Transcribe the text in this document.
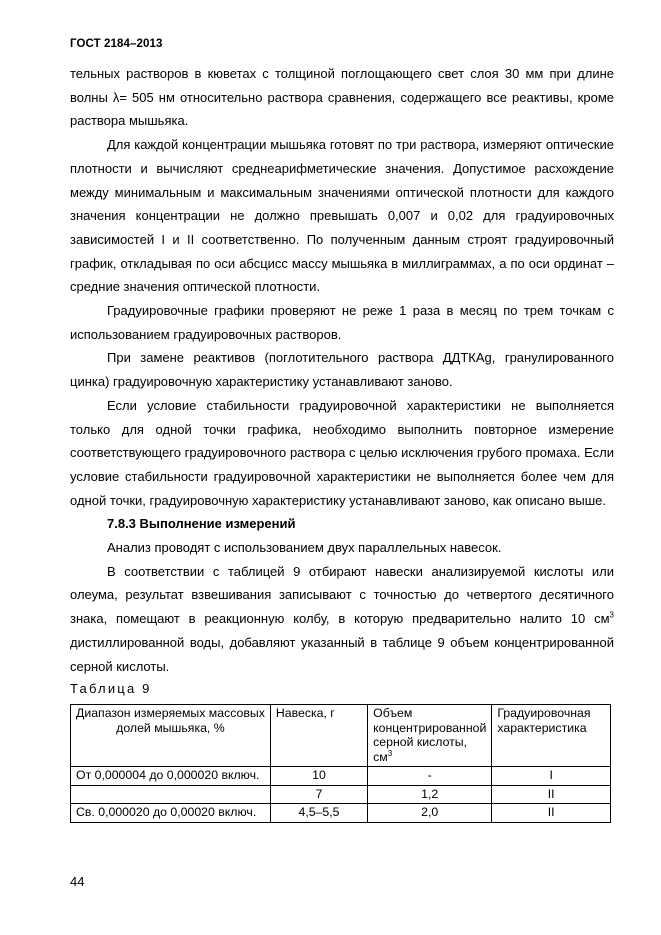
ГОСТ 2184–2013

тельных растворов в кюветах с толщиной поглощающего свет слоя 30 мм при длине волны λ= 505 нм относительно раствора сравнения, содержащего все реактивы, кроме раствора мышьяка.

Для каждой концентрации мышьяка готовят по три раствора, измеряют оптические плотности и вычисляют среднеарифметические значения. Допустимое расхождение между минимальным и максимальным значениями оптической плотности для каждого значения концентрации не должно превышать 0,007 и 0,02 для градуировочных зависимостей I и II соответственно. По полученным данным строят градуировочный график, откладывая по оси абсцисс массу мышьяка в миллиграммах, а по оси ординат – средние значения оптической плотности.

Градуировочные графики проверяют не реже 1 раза в месяц по трем точкам с использованием градуировочных растворов.

При замене реактивов (поглотительного раствора ДДТКAg, гранулированного цинка) градуировочную характеристику устанавливают заново.

Если условие стабильности градуировочной характеристики не выполняется только для одной точки графика, необходимо выполнить повторное измерение соответствующего градуировочного раствора с целью исключения грубого промаха. Если условие стабильности градуировочной характеристики не выполняется более чем для одной точки, градуировочную характеристику устанавливают заново, как описано выше.

7.8.3 Выполнение измерений

Анализ проводят с использованием двух параллельных навесок.

В соответствии с таблицей 9 отбирают навески анализируемой кислоты или олеума, результат взвешивания записывают с точностью до четвертого десятичного знака, помещают в реакционную колбу, в которую предварительно налито 10 $см^3$ дистиллированной воды, добавляют указанный в таблице 9 объем концентрированной серной кислоты.

Таблица 9
Диапазон измеряемых массовых долей мышьяка, %	Навеска, г	Объем концентрированной серной кислоты, $см^3$	Градуировочная характеристика
От 0,000004 до 0,000020 включ.	10	-	I
	7	1,2	II
Св. 0,000020 до 0,00020 включ.	4,5–5,5	2,0	II
44
